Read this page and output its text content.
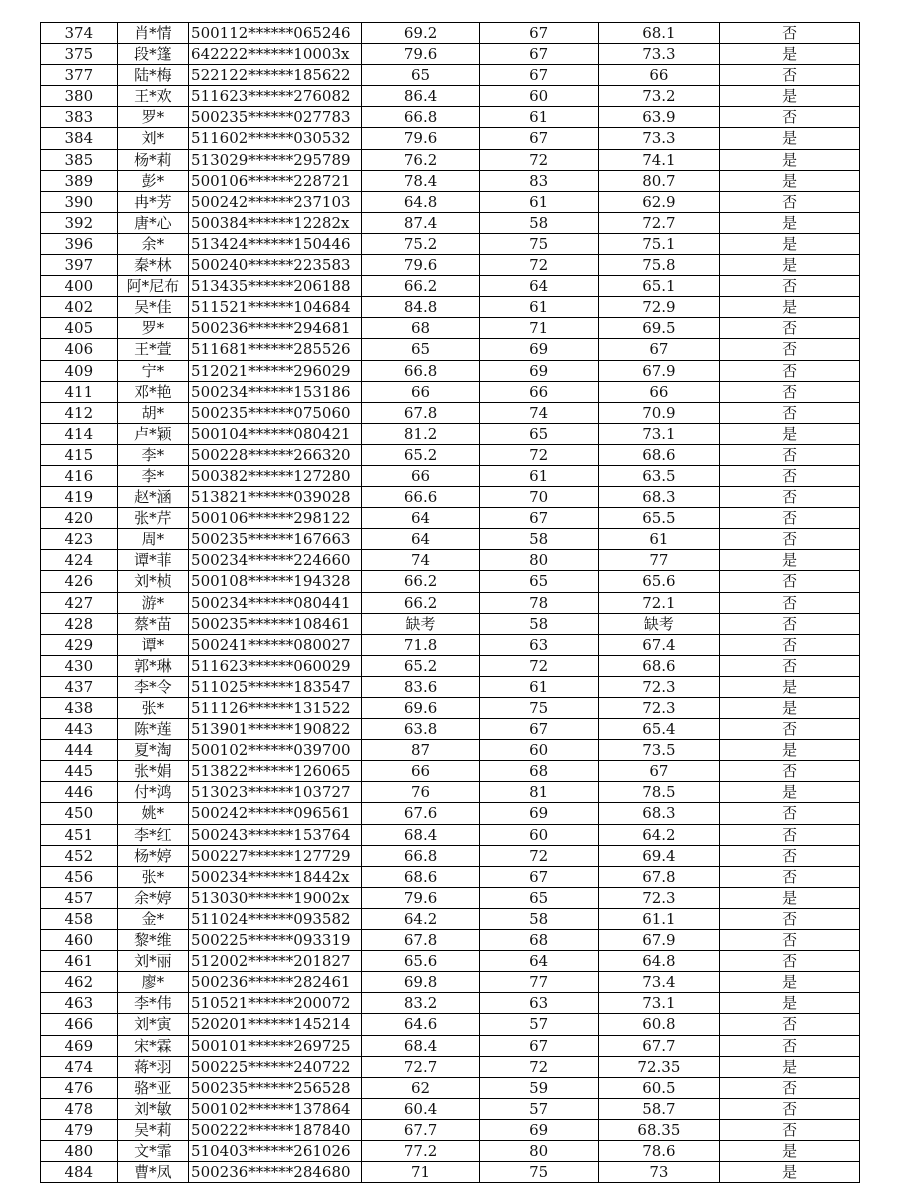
374	肖*情	500112******065246	69.2	67	68.1	否
375	段*篷	642222******10003x	79.6	67	73.3	是
377	陆*梅	522122******185622	65	67	66	否
380	王*欢	511623******276082	86.4	60	73.2	是
383	罗*	500235******027783	66.8	61	63.9	否
384	刘*	511602******030532	79.6	67	73.3	是
385	杨*莉	513029******295789	76.2	72	74.1	是
389	彭*	500106******228721	78.4	83	80.7	是
390	冉*芳	500242******237103	64.8	61	62.9	否
392	唐*心	500384******12282x	87.4	58	72.7	是
396	余*	513424******150446	75.2	75	75.1	是
397	秦*林	500240******223583	79.6	72	75.8	是
400	阿*尼布	513435******206188	66.2	64	65.1	否
402	吴*佳	511521******104684	84.8	61	72.9	是
405	罗*	500236******294681	68	71	69.5	否
406	王*萱	511681******285526	65	69	67	否
409	宁*	512021******296029	66.8	69	67.9	否
411	邓*艳	500234******153186	66	66	66	否
412	胡*	500235******075060	67.8	74	70.9	否
414	卢*颖	500104******080421	81.2	65	73.1	是
415	李*	500228******266320	65.2	72	68.6	否
416	李*	500382******127280	66	61	63.5	否
419	赵*涵	513821******039028	66.6	70	68.3	否
420	张*芹	500106******298122	64	67	65.5	否
423	周*	500235******167663	64	58	61	否
424	谭*菲	500234******224660	74	80	77	是
426	刘*桢	500108******194328	66.2	65	65.6	否
427	游*	500234******080441	66.2	78	72.1	否
428	蔡*苗	500235******108461	缺考	58	缺考	否
429	谭*	500241******080027	71.8	63	67.4	否
430	郭*琳	511623******060029	65.2	72	68.6	否
437	李*令	511025******183547	83.6	61	72.3	是
438	张*	511126******131522	69.6	75	72.3	是
443	陈*莲	513901******190822	63.8	67	65.4	否
444	夏*淘	500102******039700	87	60	73.5	是
445	张*娟	513822******126065	66	68	67	否
446	付*鸿	513023******103727	76	81	78.5	是
450	姚*	500242******096561	67.6	69	68.3	否
451	李*红	500243******153764	68.4	60	64.2	否
452	杨*婷	500227******127729	66.8	72	69.4	否
456	张*	500234******18442x	68.6	67	67.8	否
457	余*婷	513030******19002x	79.6	65	72.3	是
458	金*	511024******093582	64.2	58	61.1	否
460	黎*维	500225******093319	67.8	68	67.9	否
461	刘*丽	512002******201827	65.6	64	64.8	否
462	廖*	500236******282461	69.8	77	73.4	是
463	李*伟	510521******200072	83.2	63	73.1	是
466	刘*寅	520201******145214	64.6	57	60.8	否
469	宋*霖	500101******269725	68.4	67	67.7	否
474	蒋*羽	500225******240722	72.7	72	72.35	是
476	骆*亚	500235******256528	62	59	60.5	否
478	刘*敏	500102******137864	60.4	57	58.7	否
479	吴*莉	500222******187840	67.7	69	68.35	否
480	文*霏	510403******261026	77.2	80	78.6	是
484	曹*凤	500236******284680	71	75	73	是
